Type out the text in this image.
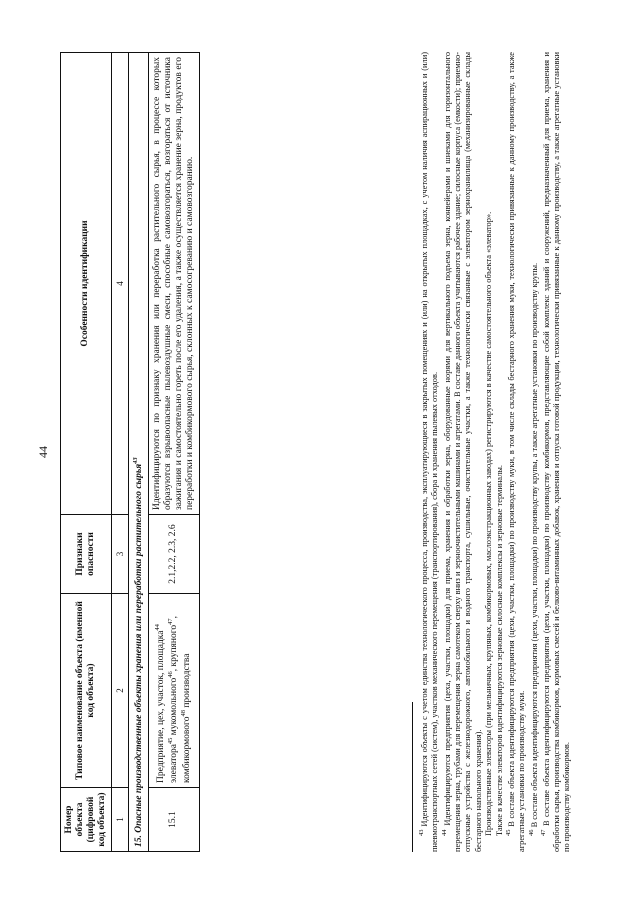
44
Номер объекта (цифровой код объекта)	Типовое наименование объекта (именной код объекта)	Признаки опасности	Особенности идентификации
1	2	3	4
15. Опасные производственные объекты хранения или переработки растительного сырья$^{43}$
15.1	Предприятие, цех, участок, площадка$^{44}$ элеватора$^{45}$ мукомольного$^{46}$, крупяного$^{47}$, комбикормового$^{48}$ производства	2.1,2.2, 2.3, 2.6	Идентифицируются по признаку хранения или переработка растительного сырья, в процессе которых образуются взрывоопасные пылевоздушные смеси, способные самовозгораться, возгораться от источника зажигания и самостоятельно гореть после его удаления, а также осуществляется хранение зерна, продуктов его переработки и комбикормового сырья, склонных к самосогреванию и самовозгоранию.

$^{43}$ Идентифицируются объекты с учетом единства технологического процесса, производства, эксплуатирующиеся в закрытых помещениях и (или) на открытых площадках, с учетом наличия аспирационных и (или) пневмотранспортных сетей (систем), участков механического перемещения (транспортирования), сбора и хранения пылевых отходов. $^{44}$ Идентифицируются предприятия (цеха, участки, площадки) для приема, хранения и обработки зерна, оборудованные норями для вертикального подъема зерна, конвейерами и шнеками для горизонтального перемещения зерна, трубами для перемещения зерна самотеком сверху вниз и зерноочистительными машинами и агрегатами. В составе данного объекта учитываются рабочее здание; силосные корпуса (емкости); приемно-отпускные устройства с железнодорожного, автомобильного и водного транспорта, сушильные, очистительные участки, а также технологически связанные с элеватором зернохранилища (механизированные склады бестарного напольного хранения). Производственные элеваторы (при мельничных, крупяных, комбикормовых, маслоэкстракционных заводах) регистрируются в качестве самостоятельного объекта «элеватор». Также в качестве элеваторов идентифицируются зерновые силосные комплексы и зерновые терминалы. $^{45}$ В составе объекта идентифицируются предприятия (цехи, участки, площадки) по производству муки, в том числе склады бестарного хранения муки, технологически привязанные к данному производству, а также агрегатные установки по производству муки. $^{46}$ В составе объекта идентифицируются предприятия (цехи, участки, площадки) по производству крупы, а также агрегатные установки по производству крупы.

$^{47}$ В составе объекта идентифицируются предприятия (цехи, участки, площадки) по производству комбикормов, представляющие собой комплекс зданий и сооружений, предназначенный для приема, хранения и обработки сырья, производства комбикормов, кормовых смесей и белково-витаминных добавок, хранения и отпуска готовой продукции, технологически привязанные к данному производству, а также агрегатные установки по производству комбикормов.
